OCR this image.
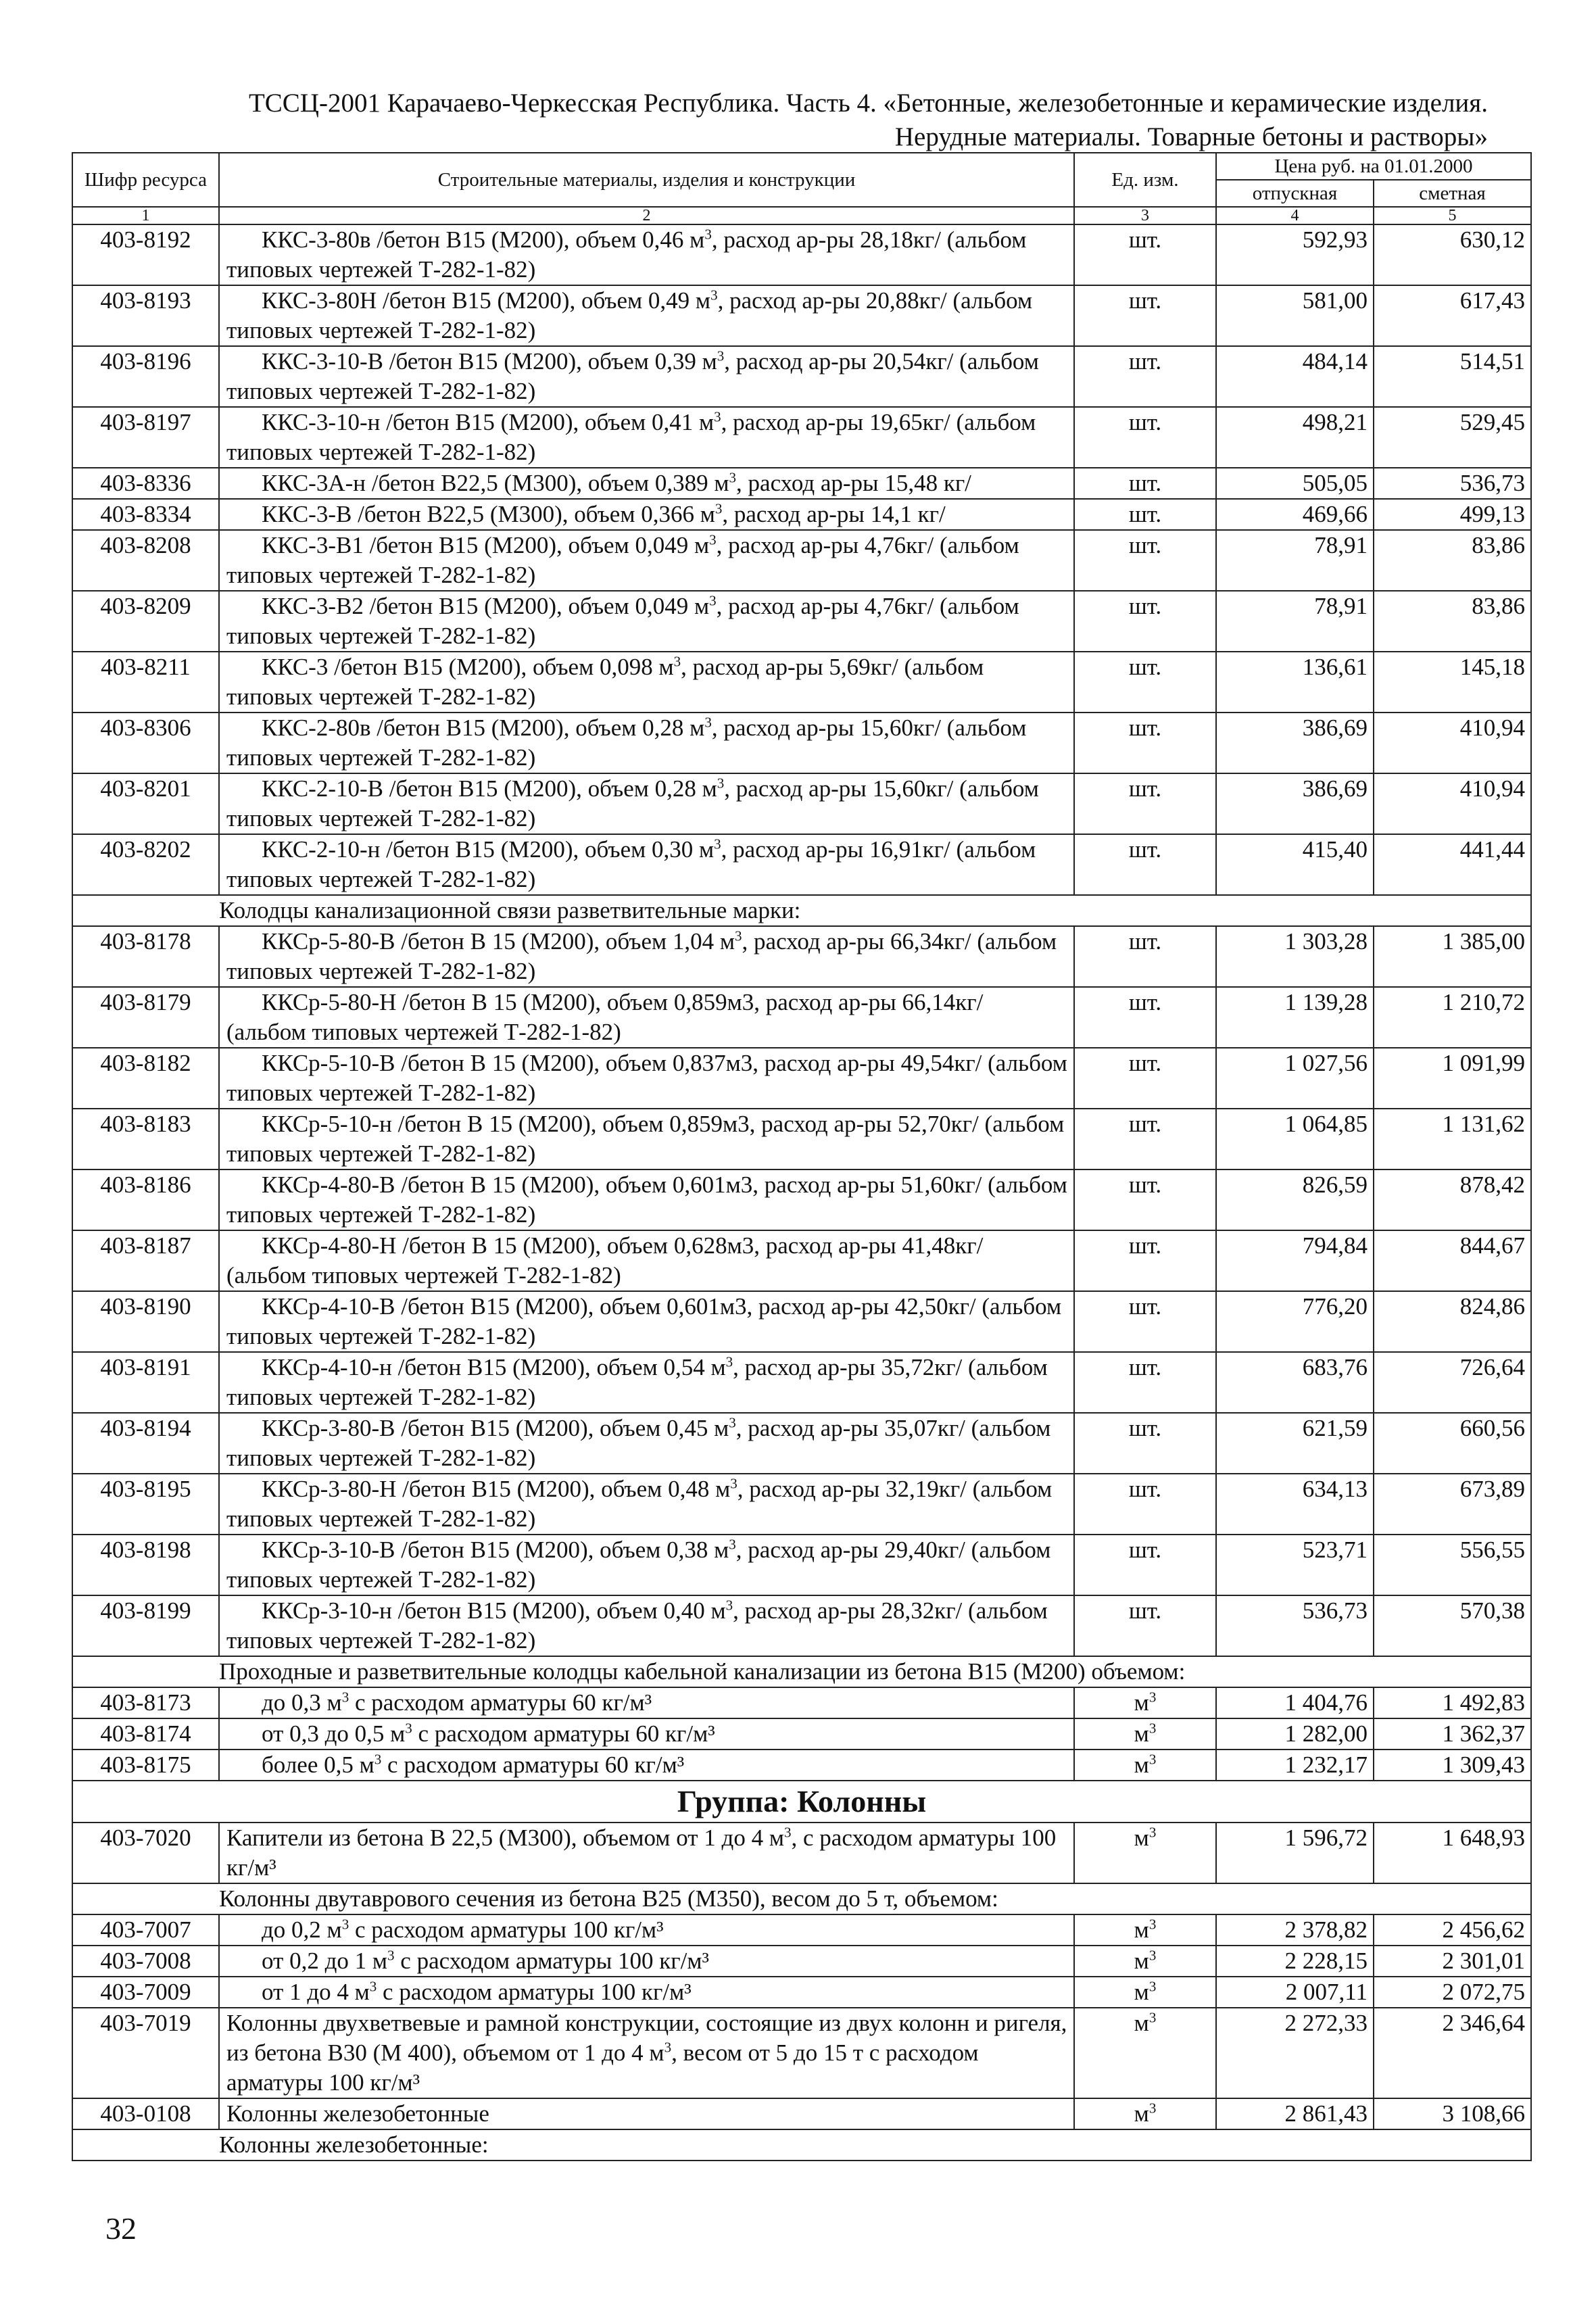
ТССЦ-2001 Карачаево-Черкесская Республика. Часть 4. «Бетонные, железобетонные и керамические изделия.
Нерудные материалы. Товарные бетоны и растворы»
Шифр ресурса	Строительные материалы, изделия и конструкции	Ед. изм.	Цена руб. на 01.01.2000	
			отпускная	сметная
1	2	3	4	5
403-8192	ККС-3-80в /бетон В15 (М200), объем 0,46 $м^3$, расход ар-ры 28,18кг/ (альбом типовых чертежей Т-282-1-82)	шт.	592,93	630,12
403-8193	ККС-3-80Н /бетон В15 (М200), объем 0,49 $м^3$, расход ар-ры 20,88кг/ (альбом типовых чертежей Т-282-1-82)	шт.	581,00	617,43
403-8196	ККС-3-10-В /бетон В15 (М200), объем 0,39 $м^3$, расход ар-ры 20,54кг/ (альбом типовых чертежей Т-282-1-82)	шт.	484,14	514,51
403-8197	ККС-3-10-н /бетон В15 (М200), объем 0,41 $м^3$, расход ар-ры 19,65кг/ (альбом типовых чертежей Т-282-1-82)	шт.	498,21	529,45
403-8336	ККС-3А-н /бетон В22,5 (М300), объем 0,389 $м^3$, расход ар-ры 15,48 кг/	шт.	505,05	536,73
403-8334	ККС-3-В /бетон В22,5 (М300), объем 0,366 $м^3$, расход ар-ры 14,1 кг/	шт.	469,66	499,13
403-8208	ККС-3-В1 /бетон В15 (М200), объем 0,049 $м^3$, расход ар-ры 4,76кг/ (альбом типовых чертежей Т-282-1-82)	шт.	78,91	83,86
403-8209	ККС-3-В2 /бетон В15 (М200), объем 0,049 $м^3$, расход ар-ры 4,76кг/ (альбом типовых чертежей Т-282-1-82)	шт.	78,91	83,86
403-8211	ККС-3 /бетон В15 (М200), объем 0,098 $м^3$, расход ар-ры 5,69кг/ (альбом типовых чертежей Т-282-1-82)	шт.	136,61	145,18
403-8306	ККС-2-80в /бетон В15 (М200), объем 0,28 $м^3$, расход ар-ры 15,60кг/ (альбом типовых чертежей Т-282-1-82)	шт.	386,69	410,94
403-8201	ККС-2-10-В /бетон В15 (М200), объем 0,28 $м^3$, расход ар-ры 15,60кг/ (альбом типовых чертежей Т-282-1-82)	шт.	386,69	410,94
403-8202	ККС-2-10-н /бетон В15 (М200), объем 0,30 $м^3$, расход ар-ры 16,91кг/ (альбом типовых чертежей Т-282-1-82)	шт.	415,40	441,44
Колодцы канализационной связи разветвительные марки:				
403-8178	ККСр-5-80-В /бетон В 15 (М200), объем 1,04 $м^3$, расход ар-ры 66,34кг/ (альбом типовых чертежей Т-282-1-82)	шт.	1 303,28	1 385,00
403-8179	ККСр-5-80-Н /бетон В 15 (М200), объем 0,859м3, расход ар-ры 66,14кг/ (альбом типовых чертежей Т-282-1-82)	шт.	1 139,28	1 210,72
403-8182	ККСр-5-10-В /бетон В 15 (М200), объем 0,837м3, расход ар-ры 49,54кг/ (альбом типовых чертежей Т-282-1-82)	шт.	1 027,56	1 091,99
403-8183	ККСр-5-10-н /бетон В 15 (М200), объем 0,859м3, расход ар-ры 52,70кг/ (альбом типовых чертежей Т-282-1-82)	шт.	1 064,85	1 131,62
403-8186	ККСр-4-80-В /бетон В 15 (М200), объем 0,601м3, расход ар-ры 51,60кг/ (альбом типовых чертежей Т-282-1-82)	шт.	826,59	878,42
403-8187	ККСр-4-80-Н /бетон В 15 (М200), объем 0,628м3, расход ар-ры 41,48кг/ (альбом типовых чертежей Т-282-1-82)	шт.	794,84	844,67
403-8190	ККСр-4-10-В /бетон В15 (М200), объем 0,601м3, расход ар-ры 42,50кг/ (альбом типовых чертежей Т-282-1-82)	шт.	776,20	824,86
403-8191	ККСр-4-10-н /бетон В15 (М200), объем 0,54 $м^3$, расход ар-ры 35,72кг/ (альбом типовых чертежей Т-282-1-82)	шт.	683,76	726,64
403-8194	ККСр-3-80-В /бетон В15 (М200), объем 0,45 $м^3$, расход ар-ры 35,07кг/ (альбом типовых чертежей Т-282-1-82)	шт.	621,59	660,56
403-8195	ККСр-3-80-Н /бетон В15 (М200), объем 0,48 $м^3$, расход ар-ры 32,19кг/ (альбом типовых чертежей Т-282-1-82)	шт.	634,13	673,89
403-8198	ККСр-3-10-В /бетон В15 (М200), объем 0,38 $м^3$, расход ар-ры 29,40кг/ (альбом типовых чертежей Т-282-1-82)	шт.	523,71	556,55
403-8199	ККСр-3-10-н /бетон В15 (М200), объем 0,40 $м^3$, расход ар-ры 28,32кг/ (альбом типовых чертежей Т-282-1-82)	шт.	536,73	570,38
Проходные и разветвительные колодцы кабельной канализации из бетона В15 (М200) объемом:				
403-8173	до 0,3 $м^3$ с расходом арматуры 60 кг/м³	$м^3$	1 404,76	1 492,83
403-8174	от 0,3 до 0,5 $м^3$ с расходом арматуры 60 кг/м³	$м^3$	1 282,00	1 362,37
403-8175	более 0,5 $м^3$ с расходом арматуры 60 кг/м³	$м^3$	1 232,17	1 309,43
Группа: Колонны				
403-7020	Капители из бетона В 22,5 (М300), объемом от 1 до 4 $м^3$, с расходом арматуры 100 кг/м³	$м^3$	1 596,72	1 648,93
Колонны двутаврового сечения из бетона В25 (М350), весом до 5 т, объемом:				
403-7007	до 0,2 $м^3$ с расходом арматуры 100 кг/м³	$м^3$	2 378,82	2 456,62
403-7008	от 0,2 до 1 $м^3$ с расходом арматуры 100 кг/м³	$м^3$	2 228,15	2 301,01
403-7009	от 1 до 4 $м^3$ с расходом арматуры 100 кг/м³	$м^3$	2 007,11	2 072,75
403-7019	Колонны двухветвевые и рамной конструкции, состоящие из двух колонн и ригеля, из бетона В30 (М 400), объемом от 1 до 4 $м^3$, весом от 5 до 15 т с расходом арматуры 100 кг/м³	$м^3$	2 272,33	2 346,64
403-0108	Колонны железобетонные	$м^3$	2 861,43	3 108,66
Колонны железобетонные:				
32
